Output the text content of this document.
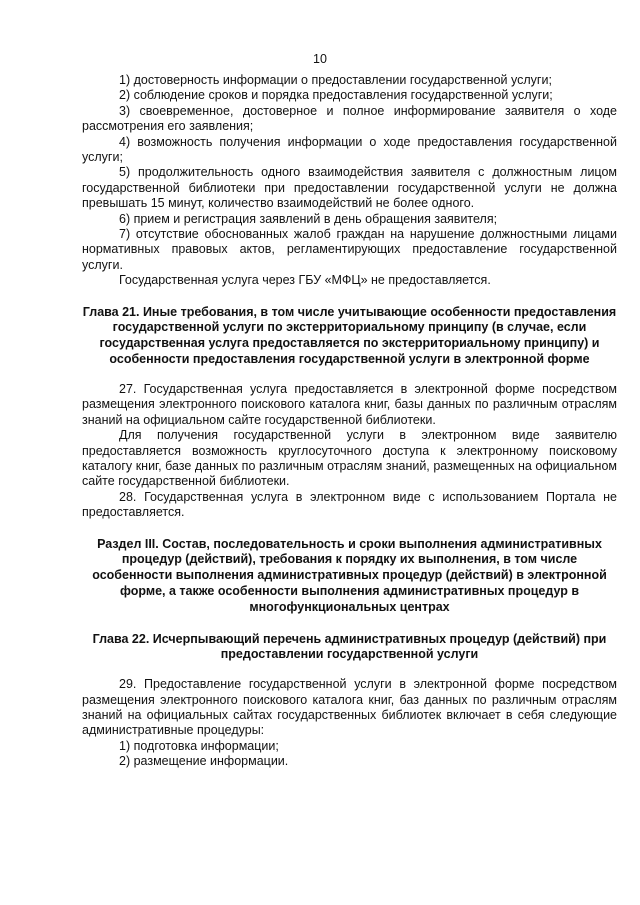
10

1) достоверность информации о предоставлении государственной услуги;

2) соблюдение сроков и порядка предоставления государственной услуги;

3) своевременное, достоверное и полное информирование заявителя о ходе рассмотрения его заявления;

4) возможность получения информации о ходе предоставления государственной услуги;

5) продолжительность одного взаимодействия заявителя с должностным лицом государственной библиотеки при предоставлении государственной услуги не должна превышать 15 минут, количество взаимодействий не более одного.

6) прием и регистрация заявлений в день обращения заявителя;

7) отсутствие обоснованных жалоб граждан на нарушение должностными лицами нормативных правовых актов, регламентирующих предоставление государственной услуги.

Государственная услуга через ГБУ «МФЦ» не предоставляется.

Глава 21. Иные требования, в том числе учитывающие особенности предоставления государственной услуги по экстерриториальному принципу (в случае, если государственная услуга предоставляется по экстерриториальному принципу) и особенности предоставления государственной услуги в электронной форме

27. Государственная услуга предоставляется в электронной форме посредством размещения электронного поискового каталога книг, базы данных по различным отраслям знаний на официальном сайте государственной библиотеки.

Для получения государственной услуги в электронном виде заявителю предоставляется возможность круглосуточного доступа к электронному поисковому каталогу книг, базе данных по различным отраслям знаний, размещенных на официальном сайте государственной библиотеки.

28. Государственная услуга в электронном виде с использованием Портала не предоставляется.

Раздел III. Состав, последовательность и сроки выполнения административных процедур (действий), требования к порядку их выполнения, в том числе особенности выполнения административных процедур (действий) в электронной форме, а также особенности выполнения административных процедур в многофункциональных центрах

Глава 22. Исчерпывающий перечень административных процедур (действий) при предоставлении государственной услуги

29. Предоставление государственной услуги в электронной форме посредством размещения электронного поискового каталога книг, баз данных по различным отраслям знаний на официальных сайтах государственных библиотек включает в себя следующие административные процедуры:

1) подготовка информации;

2) размещение информации.
